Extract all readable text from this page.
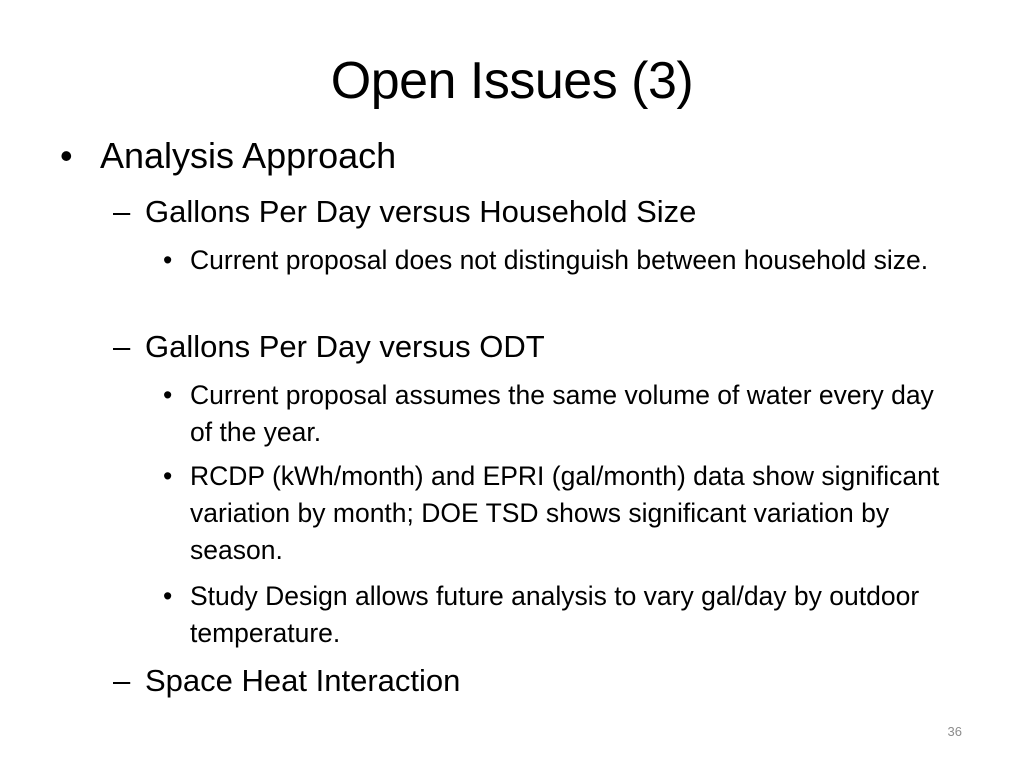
Open Issues (3)
• Analysis Approach
– Gallons Per Day versus Household Size
• Current proposal does not distinguish between household size.
– Gallons Per Day versus ODT
• Current proposal assumes the same volume of water every day of the year.
• RCDP (kWh/month) and EPRI (gal/month) data show significant variation by month; DOE TSD shows significant variation by season.
• Study Design allows future analysis to vary gal/day by outdoor temperature.
– Space Heat Interaction
36
